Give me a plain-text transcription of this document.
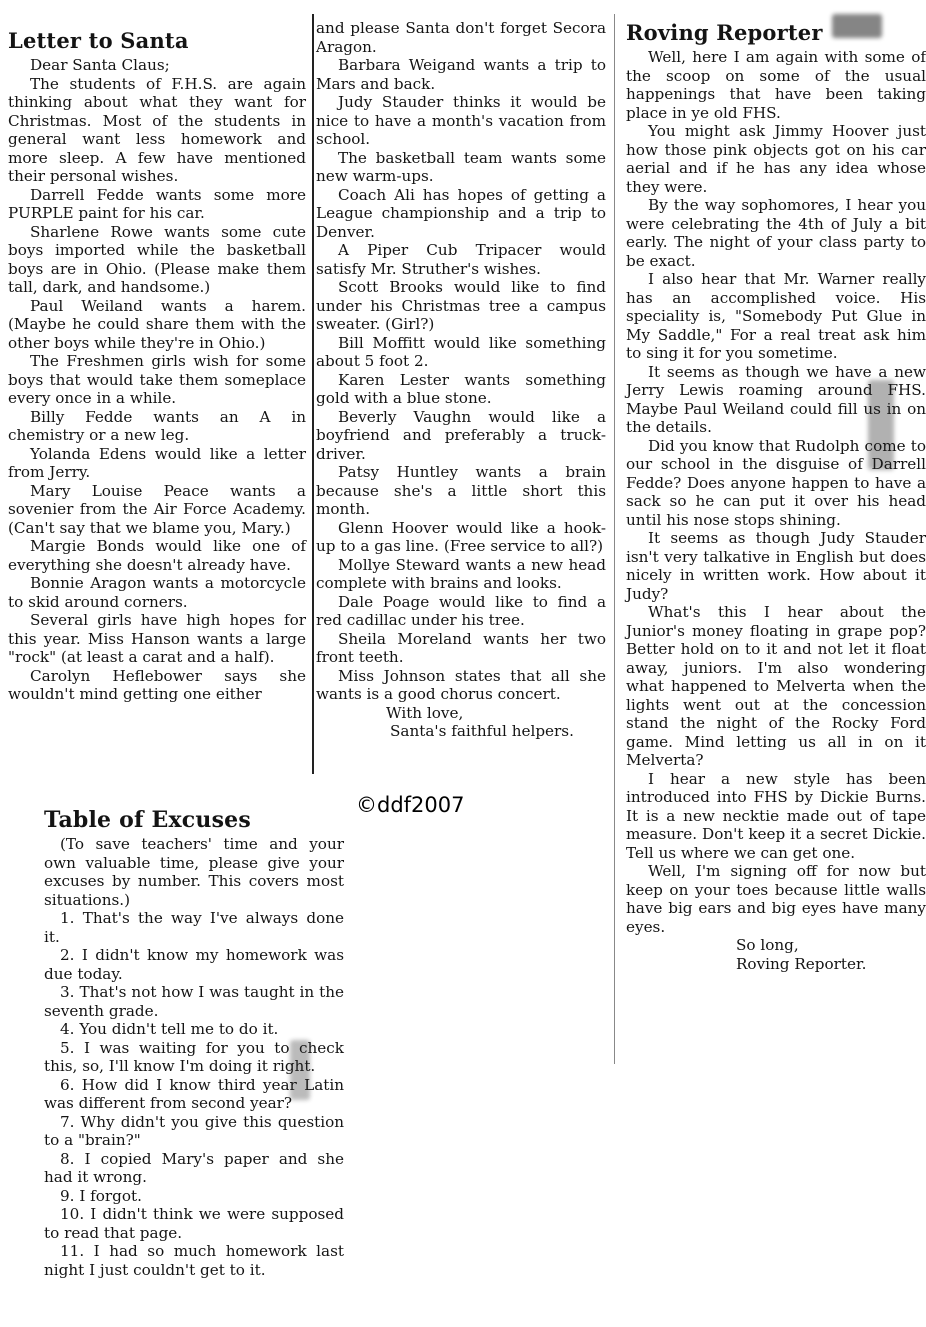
Letter to Santa

Dear Santa Claus;

The students of F.H.S. are again thinking about what they want for Christmas. Most of the students in general want less homework and more sleep. A few have mentioned their personal wishes.

Darrell Fedde wants some more PURPLE paint for his car.

Sharlene Rowe wants some cute boys imported while the basketball boys are in Ohio. (Please make them tall, dark, and handsome.)

Paul Weiland wants a harem. (Maybe he could share them with the other boys while they're in Ohio.)

The Freshmen girls wish for some boys that would take them someplace every once in a while.

Billy Fedde wants an A in chemistry or a new leg.

Yolanda Edens would like a letter from Jerry.

Mary Louise Peace wants a sovenier from the Air Force Academy. (Can't say that we blame you, Mary.)

Margie Bonds would like one of everything she doesn't already have.

Bonnie Aragon wants a motorcycle to skid around corners.

Several girls have high hopes for this year. Miss Hanson wants a large "rock" (at least a carat and a half).

Carolyn Heflebower says she wouldn't mind getting one either

and please Santa don't forget Secora Aragon.

Barbara Weigand wants a trip to Mars and back.

Judy Stauder thinks it would be nice to have a month's vacation from school.

The basketball team wants some new warm-ups.

Coach Ali has hopes of getting a League championship and a trip to Denver.

A Piper Cub Tripacer would satisfy Mr. Struther's wishes.

Scott Brooks would like to find under his Christmas tree a campus sweater. (Girl?)

Bill Moffitt would like something about 5 foot 2.

Karen Lester wants something gold with a blue stone.

Beverly Vaughn would like a boyfriend and preferably a truck-driver.

Patsy Huntley wants a brain because she's a little short this month.

Glenn Hoover would like a hook-up to a gas line. (Free service to all?)

Mollye Steward wants a new head complete with brains and looks.

Dale Poage would like to find a red cadillac under his tree.

Sheila Moreland wants her two front teeth.

Miss Johnson states that all she wants is a good chorus concert.

With love,

Santa's faithful helpers.

©ddf2007
Table of Excuses

(To save teachers' time and your own valuable time, please give your excuses by number. This covers most situations.)

1. That's the way I've always done it.

2. I didn't know my homework was due today.

3. That's not how I was taught in the seventh grade.

4. You didn't tell me to do it.

5. I was waiting for you to check this, so, I'll know I'm doing it right.

6. How did I know third year Latin was different from second year?

7. Why didn't you give this question to a "brain?"

8. I copied Mary's paper and she had it wrong.

9. I forgot.

10. I didn't think we were supposed to read that page.

11. I had so much homework last night I just couldn't get to it.

Roving Reporter

Well, here I am again with some of the scoop on some of the usual happenings that have been taking place in ye old FHS.

You might ask Jimmy Hoover just how those pink objects got on his car aerial and if he has any idea whose they were.

By the way sophomores, I hear you were celebrating the 4th of July a bit early. The night of your class party to be exact.

I also hear that Mr. Warner really has an accomplished voice. His speciality is, "Somebody Put Glue in My Saddle," For a real treat ask him to sing it for you sometime.

It seems as though we have a new Jerry Lewis roaming around FHS. Maybe Paul Weiland could fill us in on the details.

Did you know that Rudolph come to our school in the disguise of Darrell Fedde? Does anyone happen to have a sack so he can put it over his head until his nose stops shining.

It seems as though Judy Stauder isn't very talkative in English but does nicely in written work. How about it Judy?

What's this I hear about the Junior's money floating in grape pop? Better hold on to it and not let it float away, juniors. I'm also wondering what happened to Melverta when the lights went out at the concession stand the night of the Rocky Ford game. Mind letting us all in on it Melverta?

I hear a new style has been introduced into FHS by Dickie Burns. It is a new necktie made out of tape measure. Don't keep it a secret Dickie. Tell us where we can get one.

Well, I'm signing off for now but keep on your toes because little walls have big ears and big eyes have many eyes.

So long,

Roving Reporter.
